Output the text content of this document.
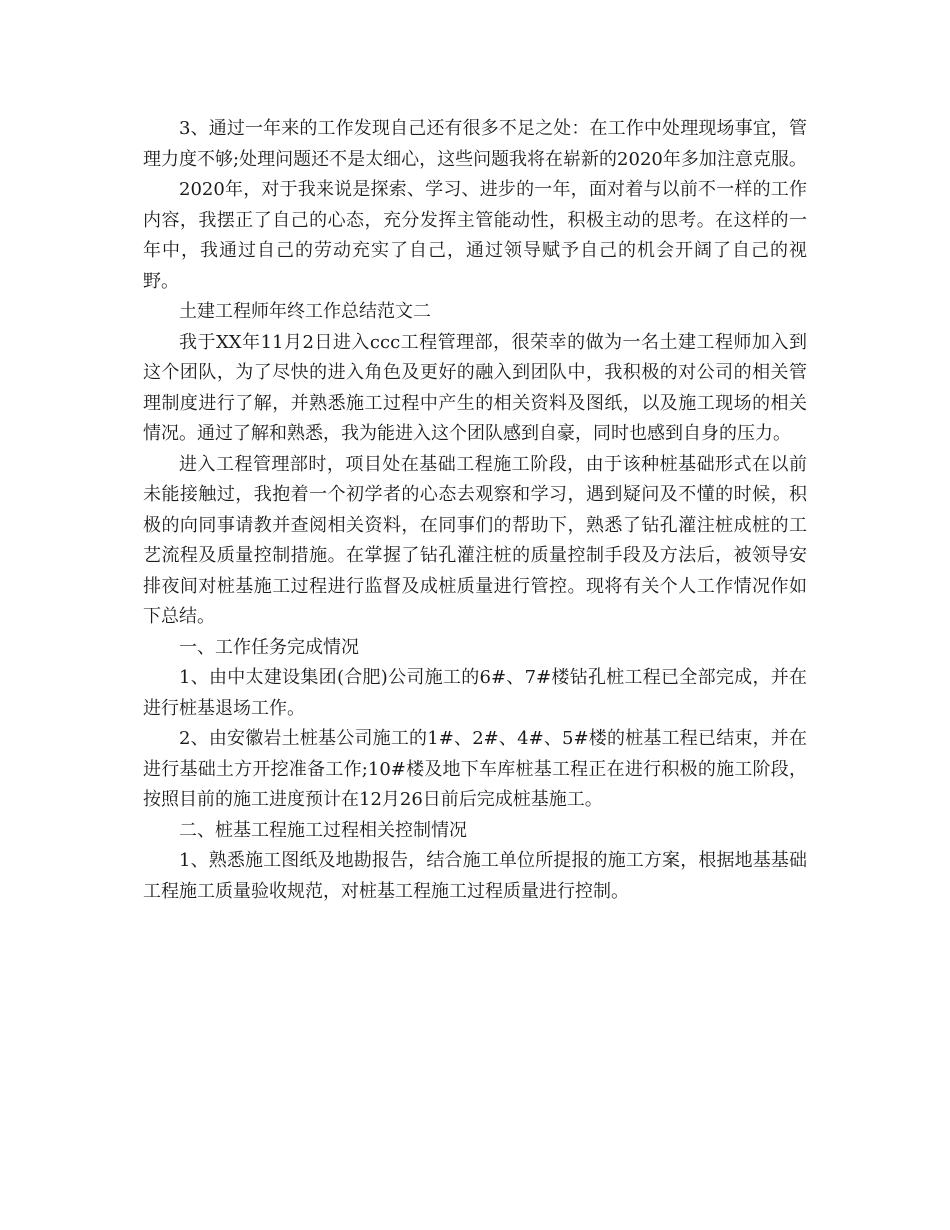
3、通过一年来的工作发现自己还有很多不足之处：在工作中处理现场事宜，管理力度不够;处理问题还不是太细心，这些问题我将在崭新的2020年多加注意克服。

2020年，对于我来说是探索、学习、进步的一年，面对着与以前不一样的工作内容，我摆正了自己的心态，充分发挥主管能动性，积极主动的思考。在这样的一年中，我通过自己的劳动充实了自己，通过领导赋予自己的机会开阔了自己的视野。

土建工程师年终工作总结范文二

我于XX年11月2日进入ccc工程管理部，很荣幸的做为一名土建工程师加入到这个团队，为了尽快的进入角色及更好的融入到团队中，我积极的对公司的相关管理制度进行了解，并熟悉施工过程中产生的相关资料及图纸，以及施工现场的相关情况。通过了解和熟悉，我为能进入这个团队感到自豪，同时也感到自身的压力。

进入工程管理部时，项目处在基础工程施工阶段，由于该种桩基础形式在以前未能接触过，我抱着一个初学者的心态去观察和学习，遇到疑问及不懂的时候，积极的向同事请教并查阅相关资料，在同事们的帮助下，熟悉了钻孔灌注桩成桩的工艺流程及质量控制措施。在掌握了钻孔灌注桩的质量控制手段及方法后，被领导安排夜间对桩基施工过程进行监督及成桩质量进行管控。现将有关个人工作情况作如下总结。

一、工作任务完成情况

1、由中太建设集团(合肥)公司施工的6#、7#楼钻孔桩工程已全部完成，并在进行桩基退场工作。

2、由安徽岩土桩基公司施工的1#、2#、4#、5#楼的桩基工程已结束，并在进行基础土方开挖准备工作;10#楼及地下车库桩基工程正在进行积极的施工阶段，按照目前的施工进度预计在12月26日前后完成桩基施工。

二、桩基工程施工过程相关控制情况

1、熟悉施工图纸及地勘报告，结合施工单位所提报的施工方案，根据地基基础工程施工质量验收规范，对桩基工程施工过程质量进行控制。
